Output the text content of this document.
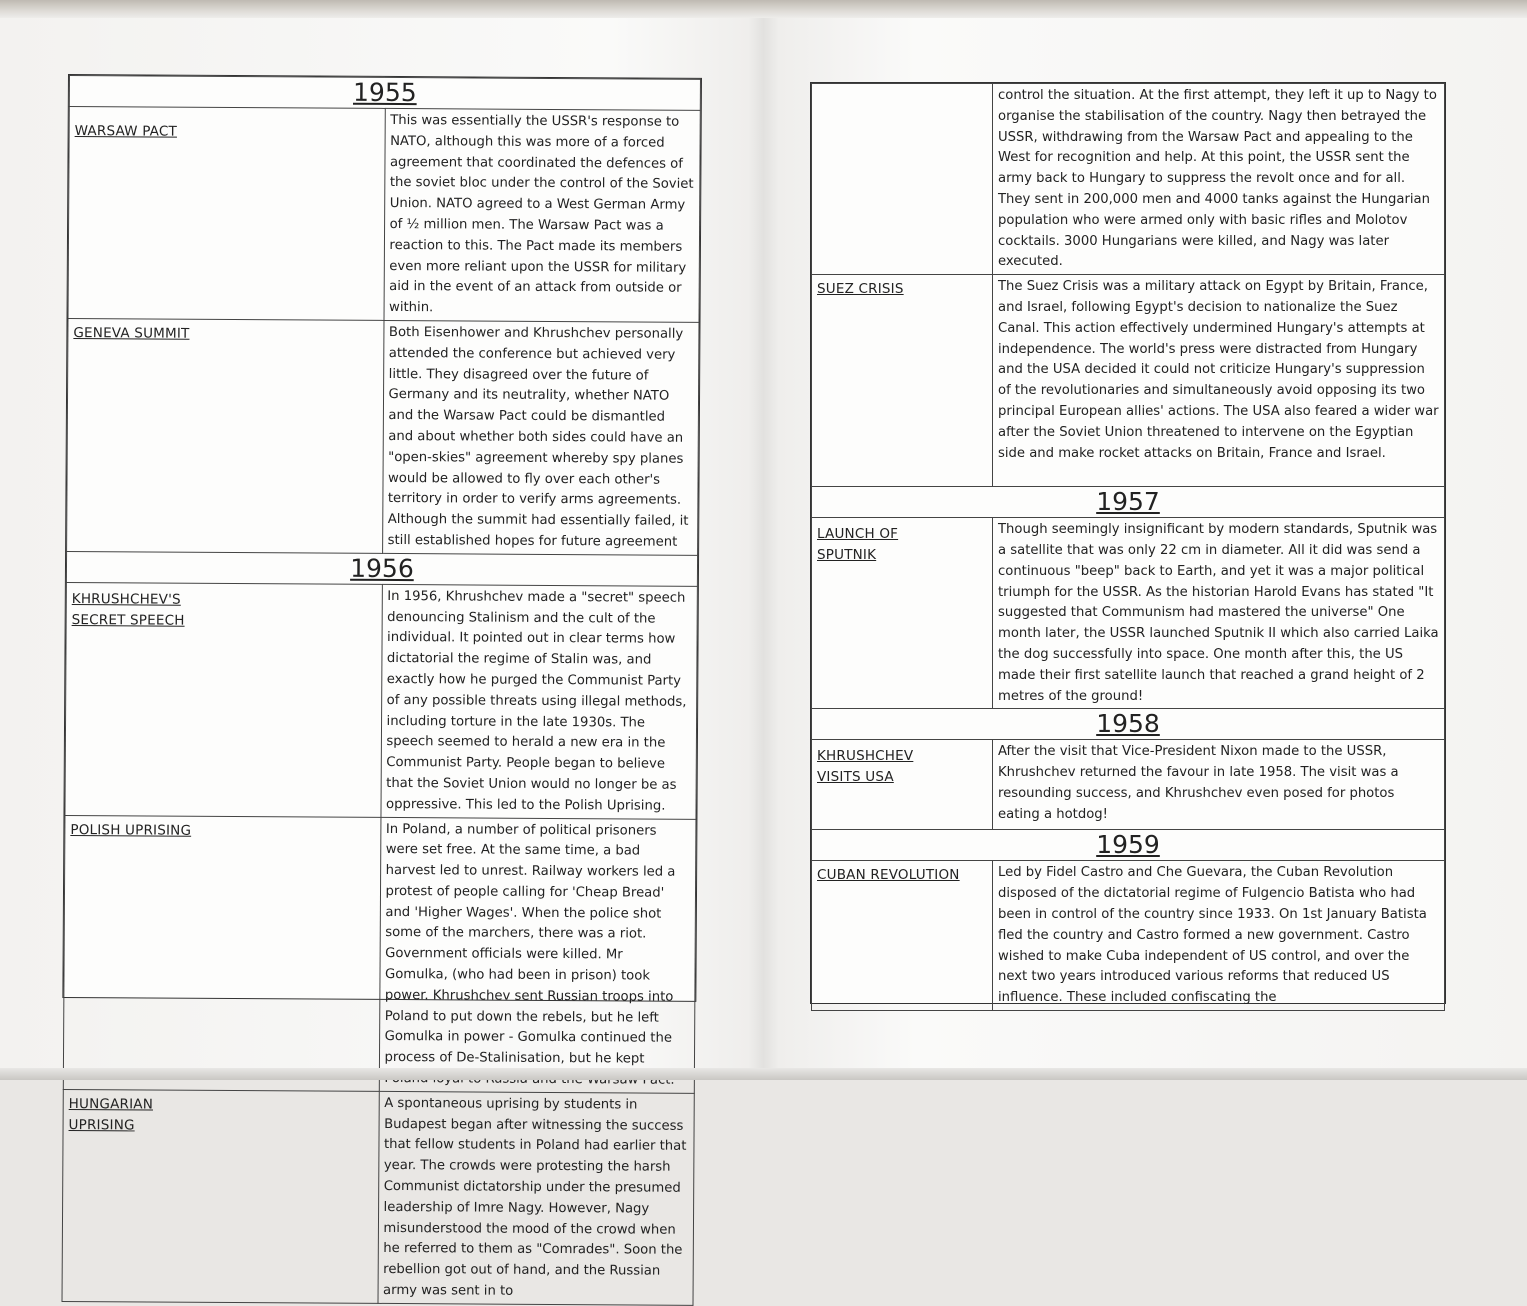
1955	
WARSAW PACT	This was essentially the USSR's response to NATO, although this was more of a forced agreement that coordinated the defences of the soviet bloc under the control of the Soviet Union. NATO agreed to a West German Army of ½ million men. The Warsaw Pact was a reaction to this. The Pact made its members even more reliant upon the USSR for military aid in the event of an attack from outside or within.
GENEVA SUMMIT	Both Eisenhower and Khrushchev personally attended the conference but achieved very little. They disagreed over the future of Germany and its neutrality, whether NATO and the Warsaw Pact could be dismantled and about whether both sides could have an "open-skies" agreement whereby spy planes would be allowed to fly over each other's territory in order to verify arms agreements. Although the summit had essentially failed, it still established hopes for future agreement
1956	
KHRUSHCHEV'S
SECRET SPEECH	In 1956, Khrushchev made a "secret" speech denouncing Stalinism and the cult of the individual. It pointed out in clear terms how dictatorial the regime of Stalin was, and exactly how he purged the Communist Party of any possible threats using illegal methods, including torture in the late 1930s. The speech seemed to herald a new era in the Communist Party. People began to believe that the Soviet Union would no longer be as oppressive. This led to the Polish Uprising.
POLISH UPRISING	In Poland, a number of political prisoners were set free. At the same time, a bad harvest led to unrest. Railway workers led a protest of people calling for 'Cheap Bread' and 'Higher Wages'. When the police shot some of the marchers, there was a riot. Government officials were killed. Mr Gomulka, (who had been in prison) took power. Khrushchev sent Russian troops into Poland to put down the rebels, but he left Gomulka in power - Gomulka continued the process of De-Stalinisation, but he kept Pact.
HUNGARIAN
UPRISING	A spontaneous uprising by students in Budapest began after witnessing the success that fellow students in Poland had earlier that year. The crowds were protesting the harsh Communist dictatorship under the presumed leadership of Imre Nagy. However, Nagy misunderstood the mood of the crowd when he referred to them as "Comrades". Soon the rebellion got out of hand, and the Russian army was sent in to
	control the situation. At the first attempt, they left it up to Nagy to organise the stabilisation of the country. Nagy then betrayed the USSR, withdrawing from the Warsaw Pact and appealing to the West for recognition and help. At this point, the USSR sent the army back to Hungary to suppress the revolt once and for all. They sent in 200,000 men and 4000 tanks against the Hungarian population who were armed only with basic rifles and Molotov cocktails. 3000 Hungarians were killed, and Nagy was later executed.
SUEZ CRISIS	The Suez Crisis was a military attack on Egypt by Britain, France, and Israel, following Egypt's decision to nationalize the Suez Canal. This action effectively undermined Hungary's attempts at independence. The world's press were distracted from Hungary and the USA decided it could not criticize Hungary's suppression of the revolutionaries and simultaneously avoid opposing its two principal European allies' actions. The USA also feared a wider war after the Soviet Union threatened to intervene on the Egyptian side and make rocket attacks on Britain, France and Israel.
1957	
LAUNCH OF
SPUTNIK	Though seemingly insignificant by modern standards, Sputnik was a satellite that was only 22 cm in diameter. All it did was send a continuous "beep" back to Earth, and yet it was a major political triumph for the USSR. As the historian Harold Evans has stated "It suggested that Communism had mastered the universe" One month later, the USSR launched Sputnik II which also carried Laika the dog successfully into space. One month after this, the US made their first satellite launch that reached a grand height of 2 metres of the ground!
1958	
KHRUSHCHEV
VISITS USA	After the visit that Vice-President Nixon made to the USSR, Khrushchev returned the favour in late 1958. The visit was a resounding success, and Khrushchev even posed for photos eating a hotdog!
1959	
CUBAN REVOLUTION	Led by Fidel Castro and Che Guevara, the Cuban Revolution disposed of the dictatorial regime of Fulgencio Batista who had been in control of the country since 1933. On 1st January Batista fled the country and Castro formed a new government. Castro wished to make Cuba independent of US control, and over the next two years introduced various reforms that reduced US influence. These included confiscating the
